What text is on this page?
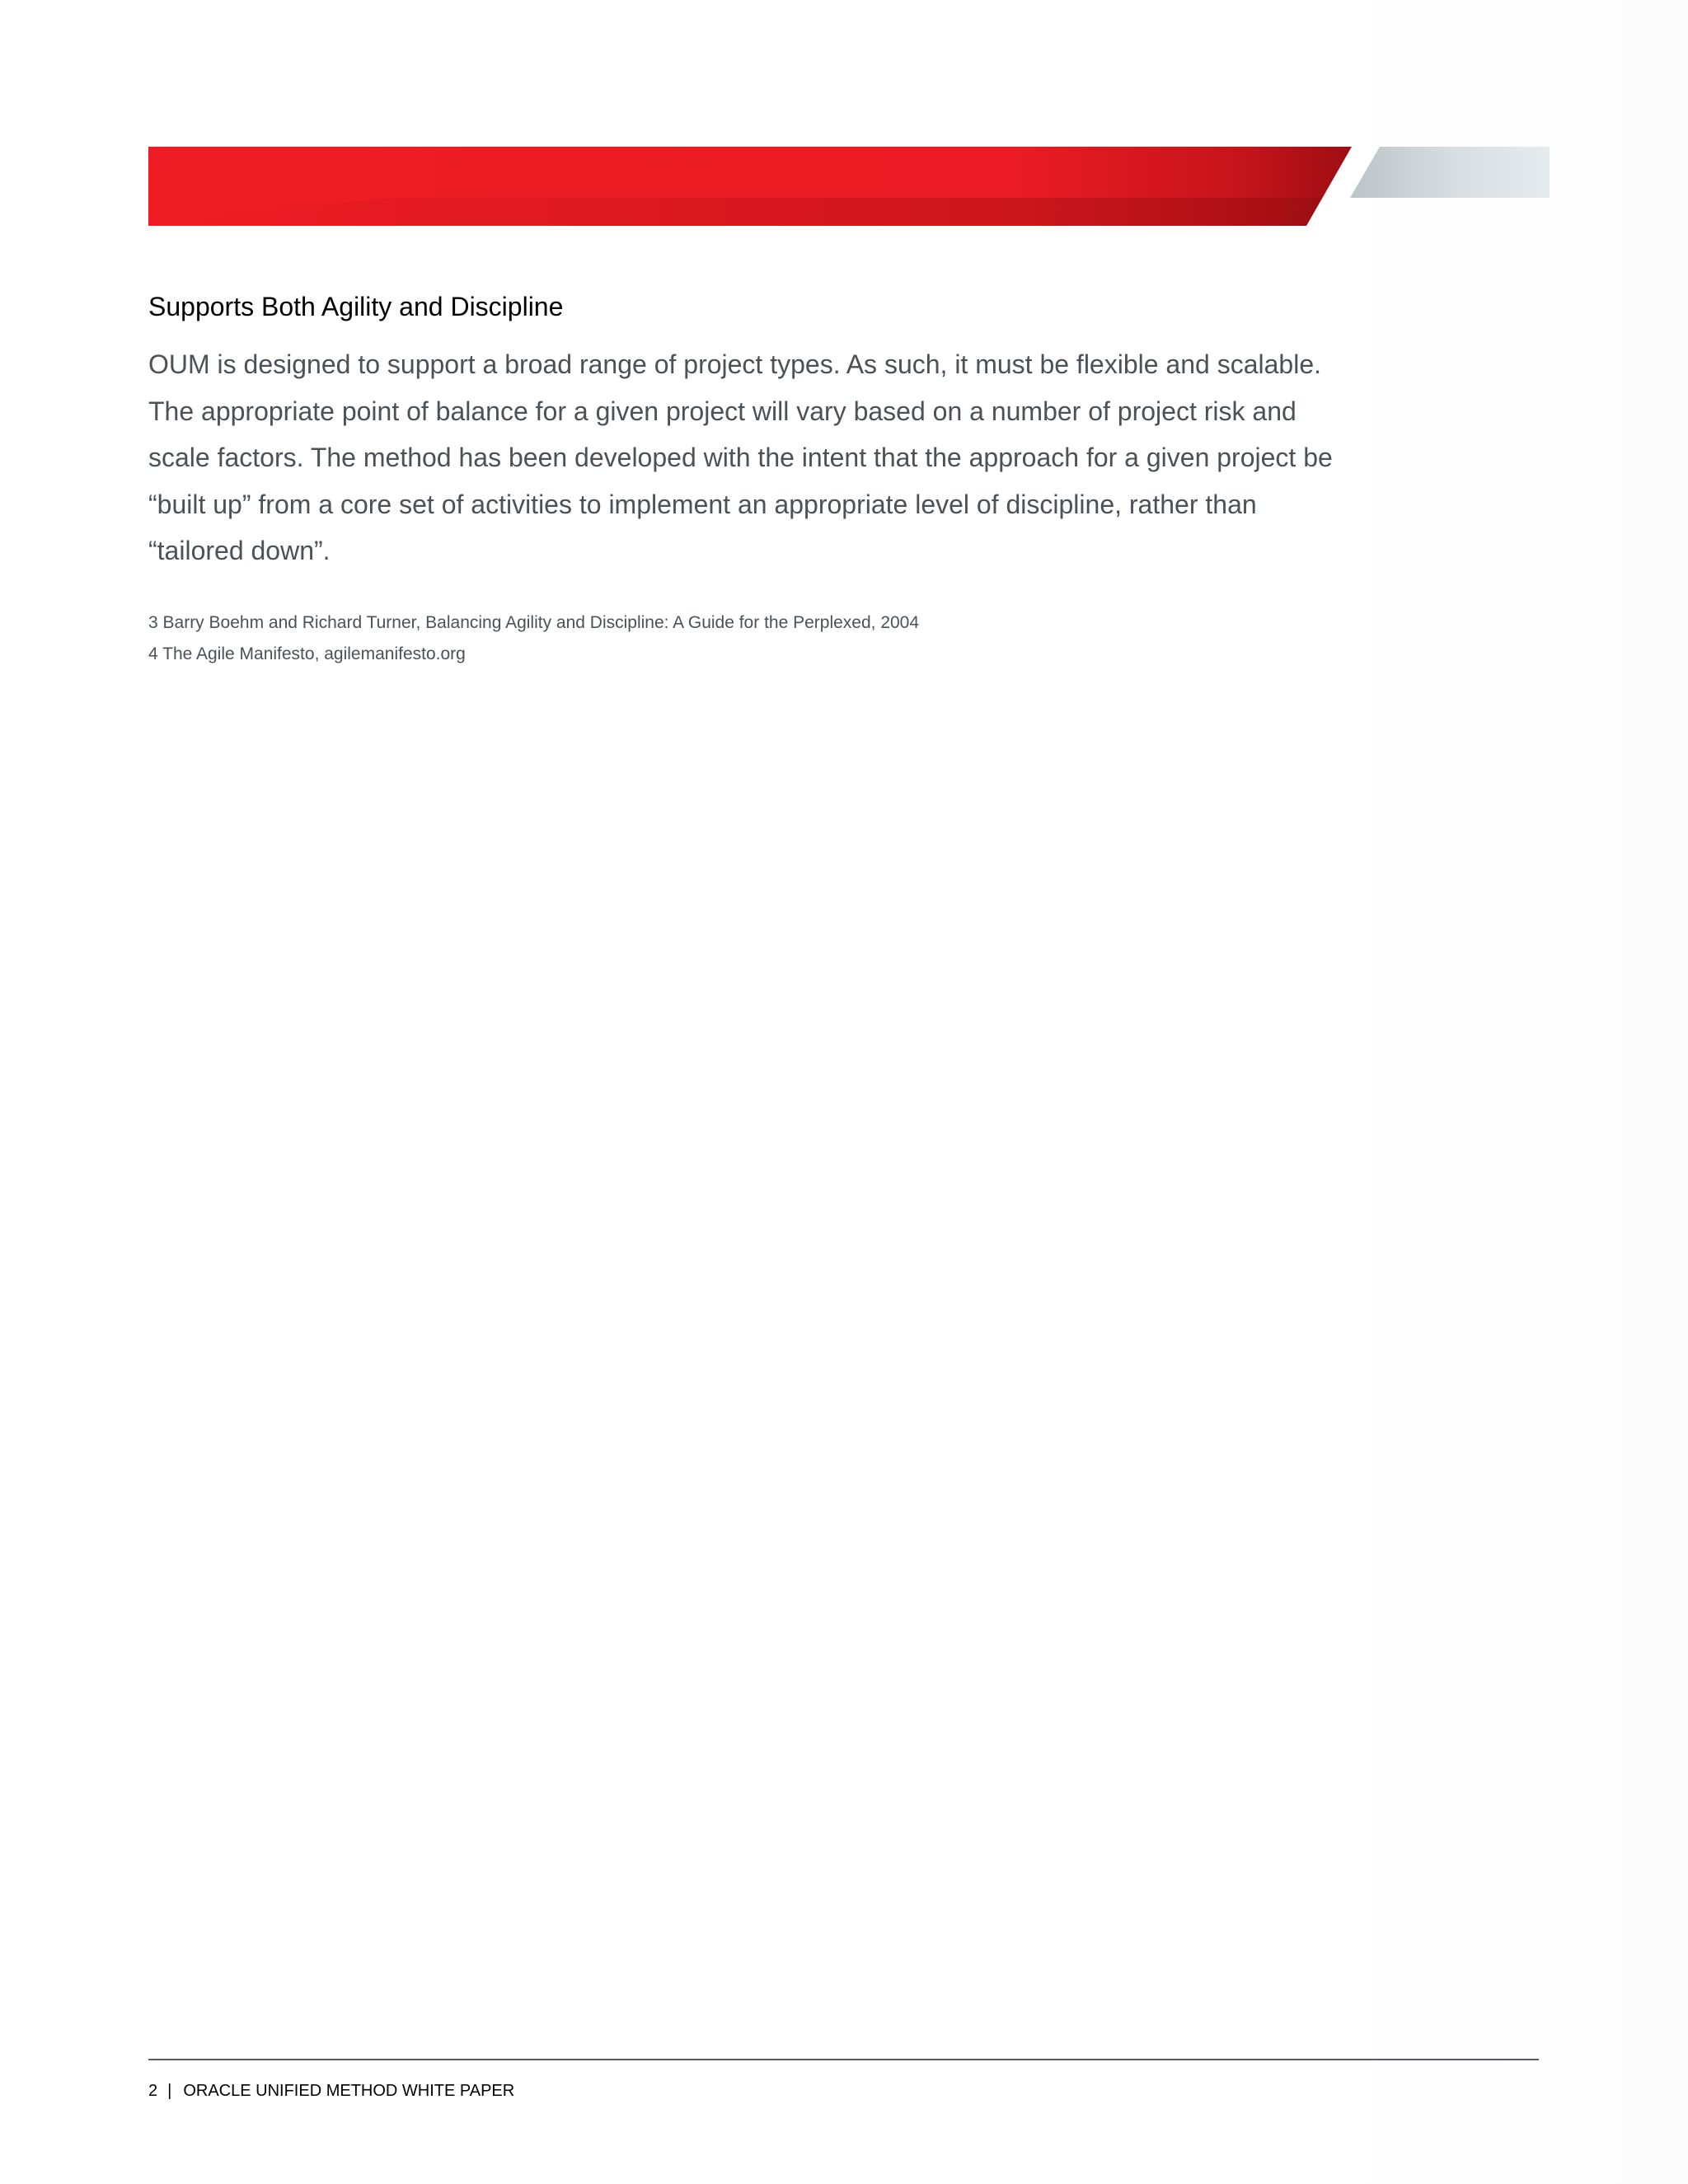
Supports Both Agility and Discipline

OUM is designed to support a broad range of project types. As such, it must be flexible and scalable.
The appropriate point of balance for a given project will vary based on a number of project risk and
scale factors. The method has been developed with the intent that the approach for a given project be
“built up” from a core set of activities to implement an appropriate level of discipline, rather than
“tailored down”.

3 Barry Boehm and Richard Turner, Balancing Agility and Discipline: A Guide for the Perplexed, 2004
4 The Agile Manifesto, agilemanifesto.org
2 | ORACLE UNIFIED METHOD WHITE PAPER
